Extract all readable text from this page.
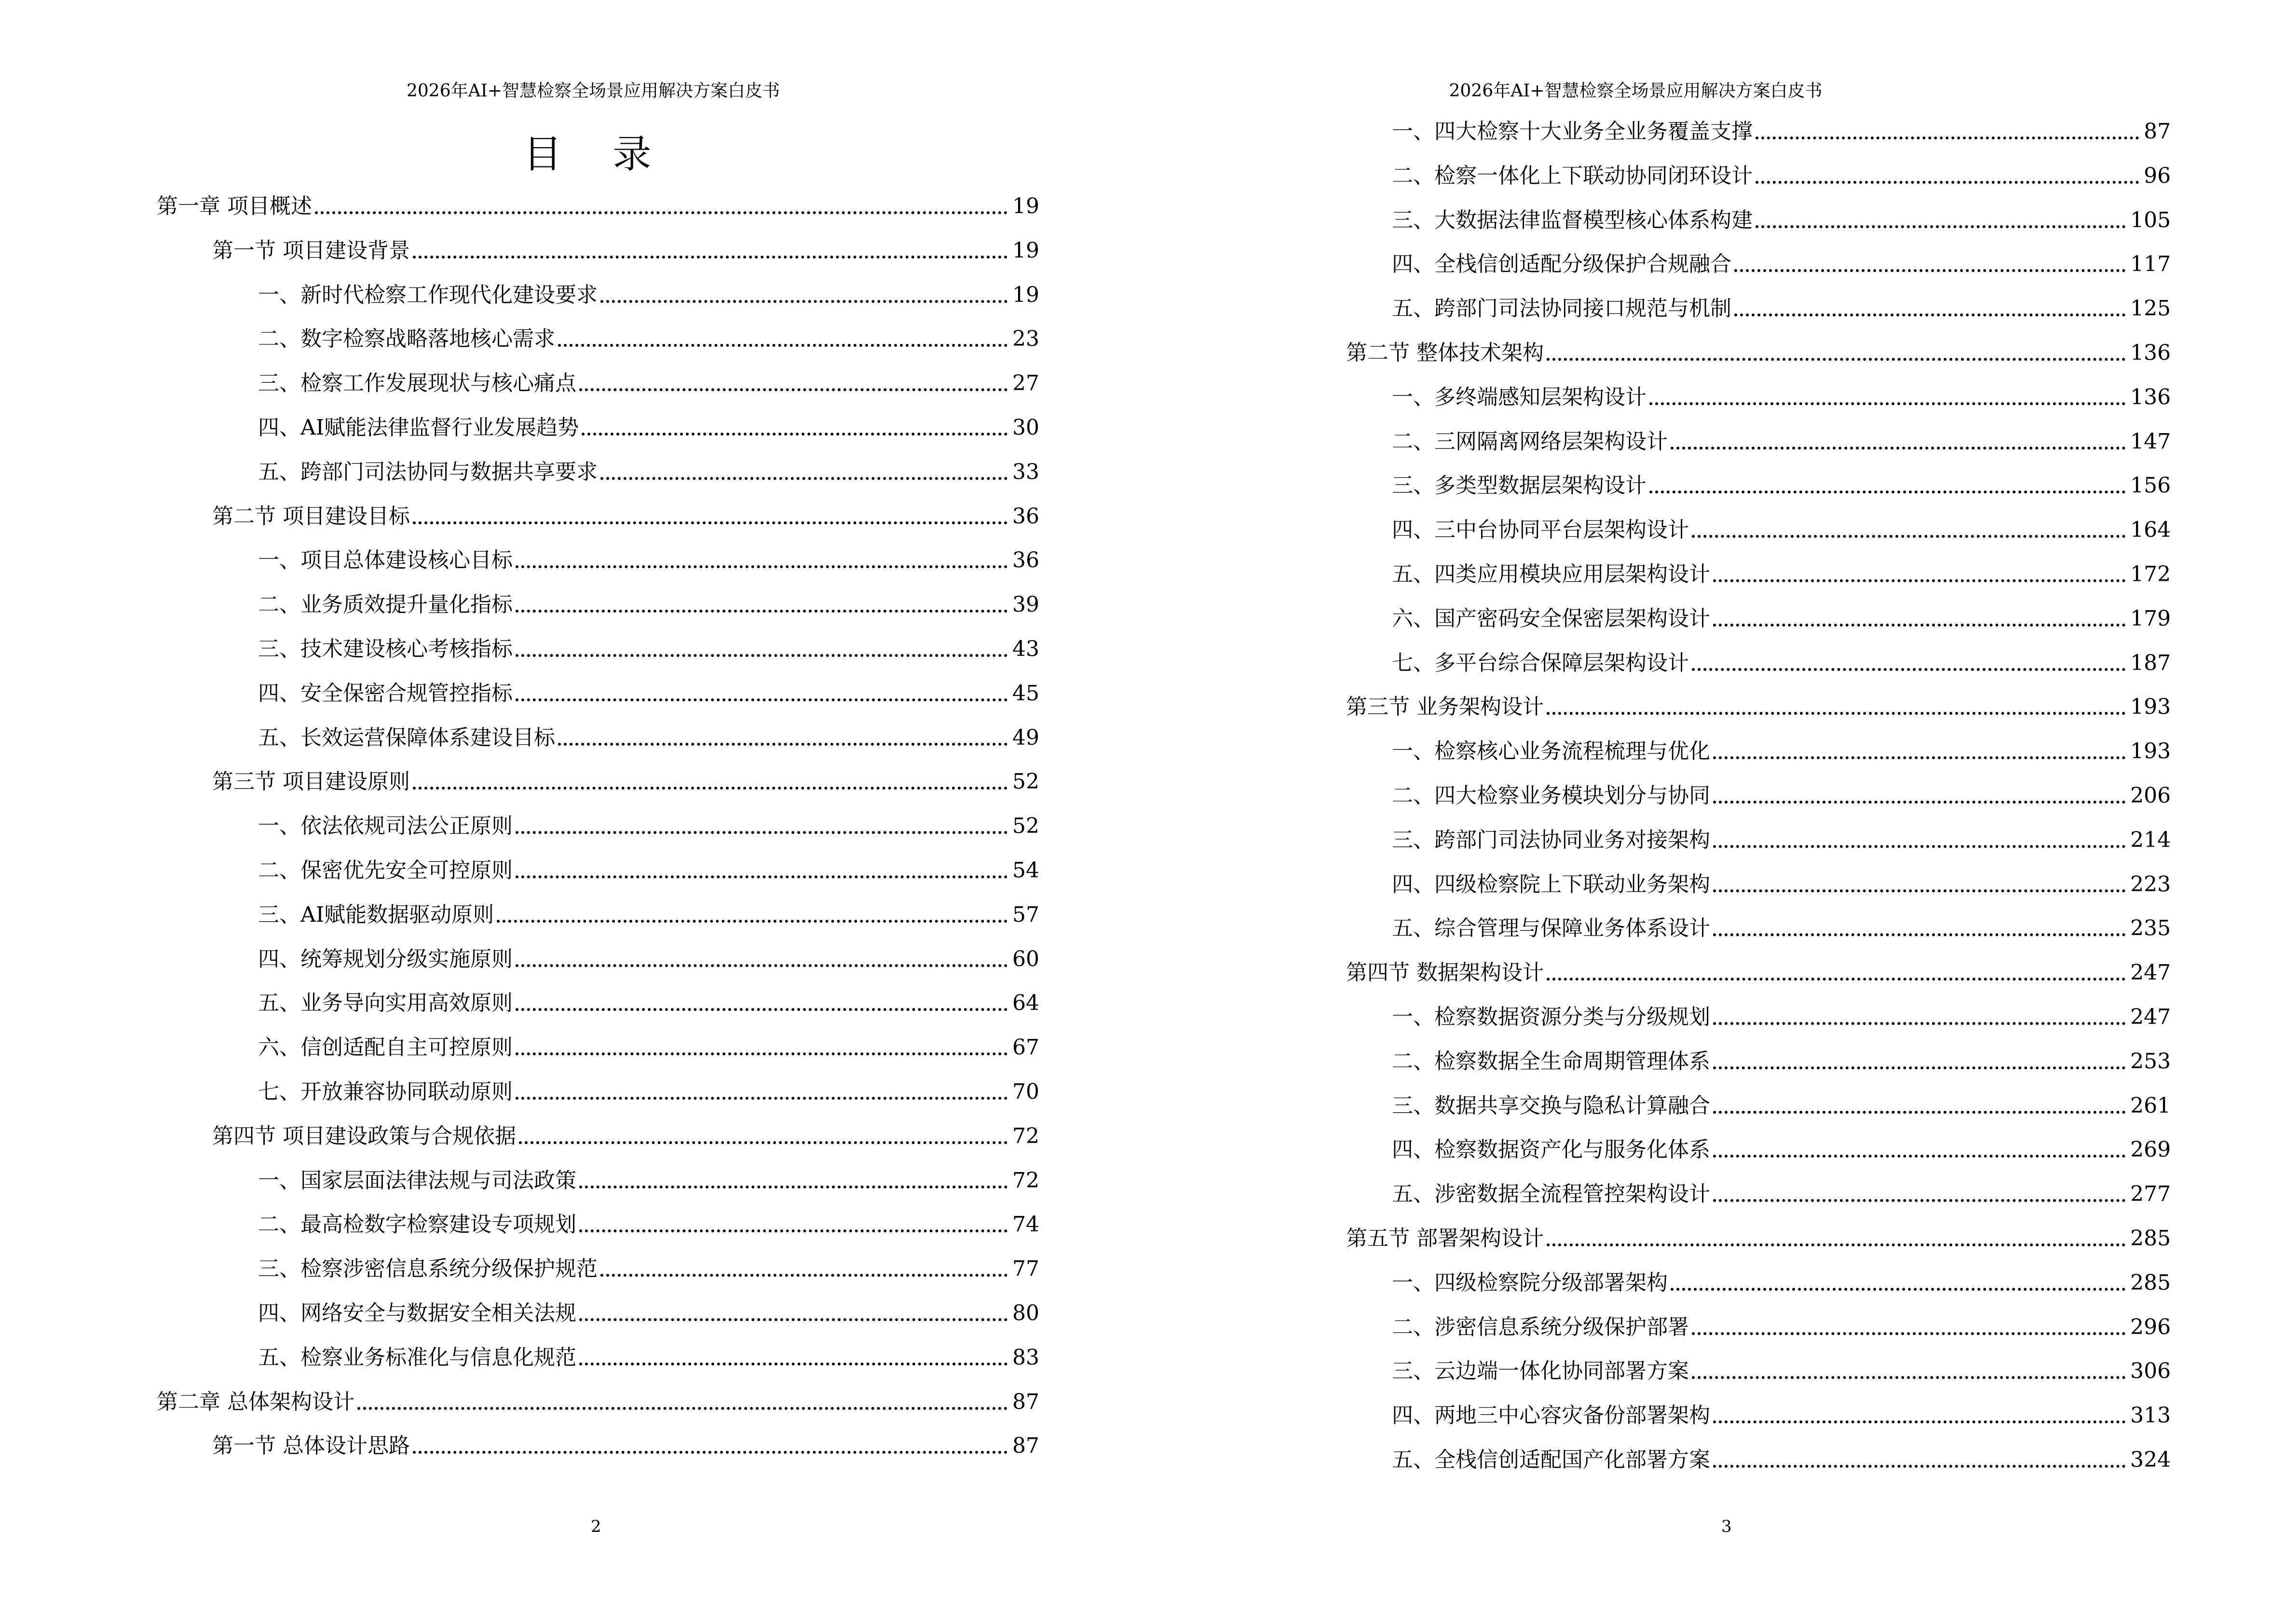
2026年AI+智慧检察全场景应用解决方案白皮书
目 录
第一章 项目概述	19
第一节 项目建设背景	19
一、新时代检察工作现代化建设要求	19
二、数字检察战略落地核心需求	23
三、检察工作发展现状与核心痛点	27
四、AI赋能法律监督行业发展趋势	30
五、跨部门司法协同与数据共享要求	33
第二节 项目建设目标	36
一、项目总体建设核心目标	36
二、业务质效提升量化指标	39
三、技术建设核心考核指标	43
四、安全保密合规管控指标	45
五、长效运营保障体系建设目标	49
第三节 项目建设原则	52
一、依法依规司法公正原则	52
二、保密优先安全可控原则	54
三、AI赋能数据驱动原则	57
四、统筹规划分级实施原则	60
五、业务导向实用高效原则	64
六、信创适配自主可控原则	67
七、开放兼容协同联动原则	70
第四节 项目建设政策与合规依据	72
一、国家层面法律法规与司法政策	72
二、最高检数字检察建设专项规划	74
三、检察涉密信息系统分级保护规范	77
四、网络安全与数据安全相关法规	80
五、检察业务标准化与信息化规范	83
第二章 总体架构设计	87
第一节 总体设计思路	87
2
2026年AI+智慧检察全场景应用解决方案白皮书
一、四大检察十大业务全业务覆盖支撑	87
二、检察一体化上下联动协同闭环设计	96
三、大数据法律监督模型核心体系构建	105
四、全栈信创适配分级保护合规融合	117
五、跨部门司法协同接口规范与机制	125
第二节 整体技术架构	136
一、多终端感知层架构设计	136
二、三网隔离网络层架构设计	147
三、多类型数据层架构设计	156
四、三中台协同平台层架构设计	164
五、四类应用模块应用层架构设计	172
六、国产密码安全保密层架构设计	179
七、多平台综合保障层架构设计	187
第三节 业务架构设计	193
一、检察核心业务流程梳理与优化	193
二、四大检察业务模块划分与协同	206
三、跨部门司法协同业务对接架构	214
四、四级检察院上下联动业务架构	223
五、综合管理与保障业务体系设计	235
第四节 数据架构设计	247
一、检察数据资源分类与分级规划	247
二、检察数据全生命周期管理体系	253
三、数据共享交换与隐私计算融合	261
四、检察数据资产化与服务化体系	269
五、涉密数据全流程管控架构设计	277
第五节 部署架构设计	285
一、四级检察院分级部署架构	285
二、涉密信息系统分级保护部署	296
三、云边端一体化协同部署方案	306
四、两地三中心容灾备份部署架构	313
五、全栈信创适配国产化部署方案	324
3
